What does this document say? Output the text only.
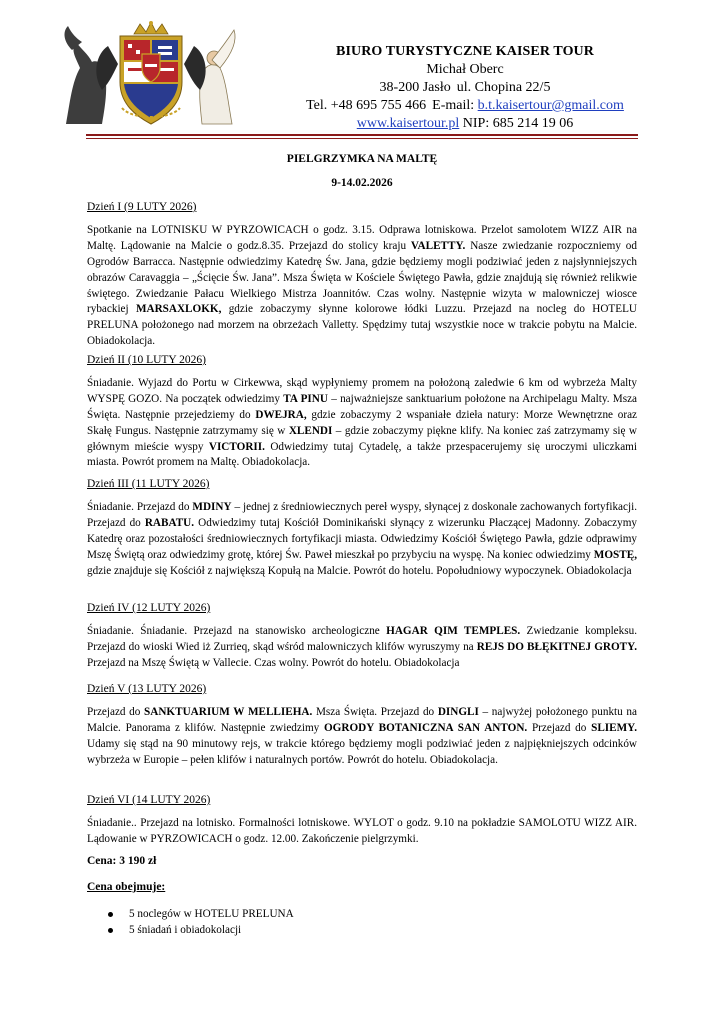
BIURO TURYSTYCZNE KAISER TOUR
Michał Oberc
38-200 Jasło ul. Chopina 22/5
Tel. +48 695 755 466 E-mail: b.t.kaisertour@gmail.com
www.kaisertour.pl NIP: 685 214 19 06
PIELGRZYMKA NA MALTĘ
9-14.02.2026
Dzień I (9 LUTY 2026)
Spotkanie na LOTNISKU W PYRZOWICACH o godz. 3.15. Odprawa lotniskowa. Przelot samolotem WIZZ AIR na Maltę. Lądowanie na Malcie o godz.8.35. Przejazd do stolicy kraju VALETTY. Nasze zwiedzanie rozpoczniemy od Ogrodów Barracca. Następnie odwiedzimy Katedrę Św. Jana, gdzie będziemy mogli podziwiać jeden z najsłynniejszych obrazów Caravaggia – „Ścięcie Św. Jana”. Msza Święta w Kościele Świętego Pawła, gdzie znajdują się również relikwie świętego. Zwiedzanie Pałacu Wielkiego Mistrza Joannitów. Czas wolny. Następnie wizyta w malowniczej wiosce rybackiej MARSAXLOKK, gdzie zobaczymy słynne kolorowe łódki Luzzu. Przejazd na nocleg do HOTELU PRELUNA położonego nad morzem na obrzeżach Valletty. Spędzimy tutaj wszystkie noce w trakcie pobytu na Malcie. Obiadokolacja.
Dzień II (10 LUTY 2026)
Śniadanie. Wyjazd do Portu w Cirkewwa, skąd wypłyniemy promem na położoną zaledwie 6 km od wybrzeża Malty WYSPĘ GOZO. Na początek odwiedzimy TA PINU – najważniejsze sanktuarium położone na Archipelagu Malty. Msza Święta. Następnie przejedziemy do DWEJRA, gdzie zobaczymy 2 wspaniałe dzieła natury: Morze Wewnętrzne oraz Skałę Fungus. Następnie zatrzymamy się w XLENDI – gdzie zobaczymy piękne klify. Na koniec zaś zatrzymamy się w głównym mieście wyspy VICTORII. Odwiedzimy tutaj Cytadelę, a także przespacerujemy się uroczymi uliczkami miasta. Powrót promem na Maltę. Obiadokolacja.
Dzień III (11 LUTY 2026)
Śniadanie. Przejazd do MDINY – jednej z średniowiecznych pereł wyspy, słynącej z doskonale zachowanych fortyfikacji. Przejazd do RABATU. Odwiedzimy tutaj Kościół Dominikański słynący z wizerunku Płaczącej Madonny. Zobaczymy Katedrę oraz pozostałości średniowiecznych fortyfikacji miasta. Odwiedzimy Kościół Świętego Pawła, gdzie odprawimy Mszę Świętą oraz odwiedzimy grotę, której Św. Paweł mieszkał po przybyciu na wyspę. Na koniec odwiedzimy MOSTĘ, gdzie znajduje się Kościół z największą Kopułą na Malcie. Powrót do hotelu. Popołudniowy wypoczynek. Obiadokolacja
Dzień IV (12 LUTY 2026)
Śniadanie. Śniadanie. Przejazd na stanowisko archeologiczne HAGAR QIM TEMPLES. Zwiedzanie kompleksu. Przejazd do wioski Wied iż Zurrieq, skąd wśród malowniczych klifów wyruszymy na REJS DO BŁĘKITNEJ GROTY. Przejazd na Mszę Świętą w Vallecie. Czas wolny. Powrót do hotelu. Obiadokolacja
Dzień V (13 LUTY 2026)
Przejazd do SANKTUARIUM W MELLIEHA. Msza Święta. Przejazd do DINGLI – najwyżej położonego punktu na Malcie. Panorama z klifów. Następnie zwiedzimy OGRODY BOTANICZNA SAN ANTON. Przejazd do SLIEMY. Udamy się stąd na 90 minutowy rejs, w trakcie którego będziemy mogli podziwiać jeden z najpiękniejszych odcinków wybrzeża w Europie – pełen klifów i naturalnych portów. Powrót do hotelu. Obiadokolacja.
Dzień VI (14 LUTY 2026)
Śniadanie.. Przejazd na lotnisko. Formalności lotniskowe. WYLOT o godz. 9.10 na pokładzie SAMOLOTU WIZZ AIR. Lądowanie w PYRZOWICACH o godz. 12.00. Zakończenie pielgrzymki.
Cena: 3 190 zł
Cena obejmuje:
5 noclegów w HOTELU PRELUNA
5 śniadań i obiadokolacji
